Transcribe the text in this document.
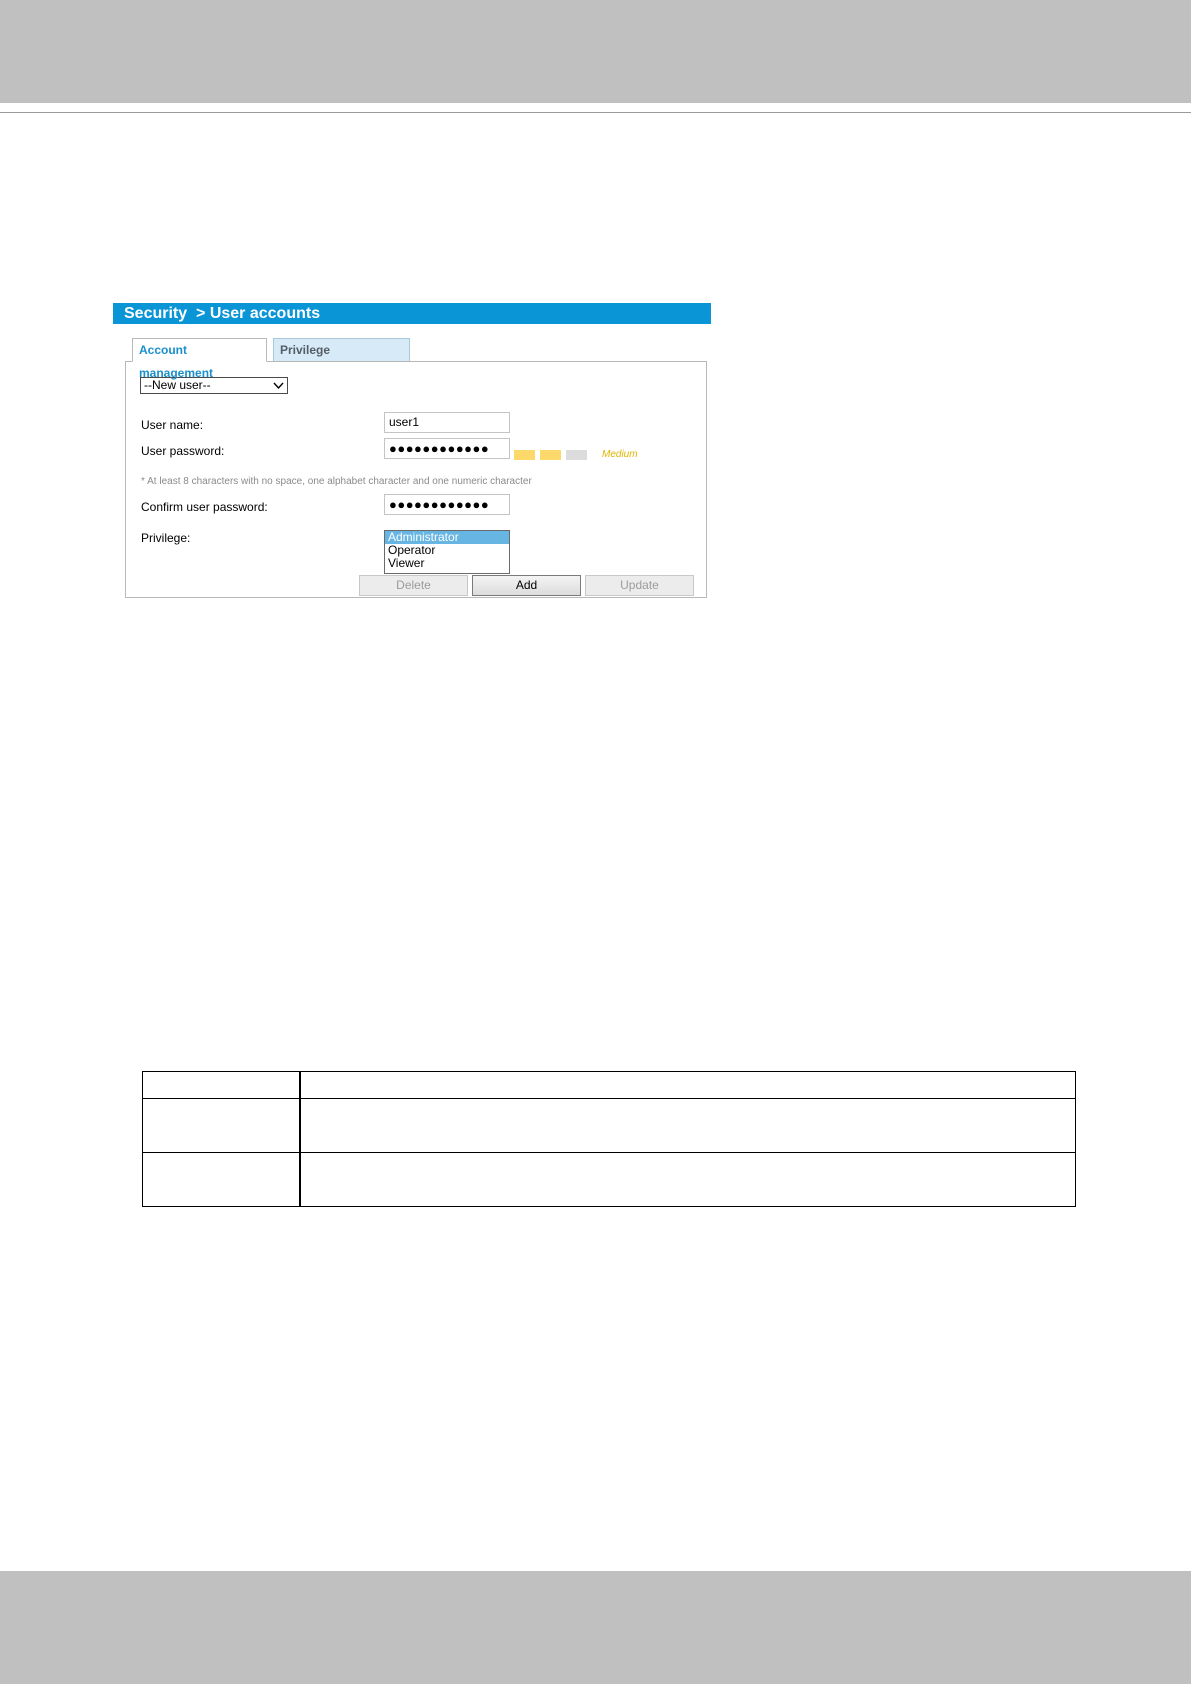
Security > User accounts

Account management
Privilege
--New user--
User name:	user1
User password:	●●●●●●●●●●●●	Medium
* At least 8 characters with no space, one alphabet character and one numeric character
Confirm user password:	●●●●●●●●●●●●
Privilege:	Administrator
Operator
Viewer
Delete	Add	Update
